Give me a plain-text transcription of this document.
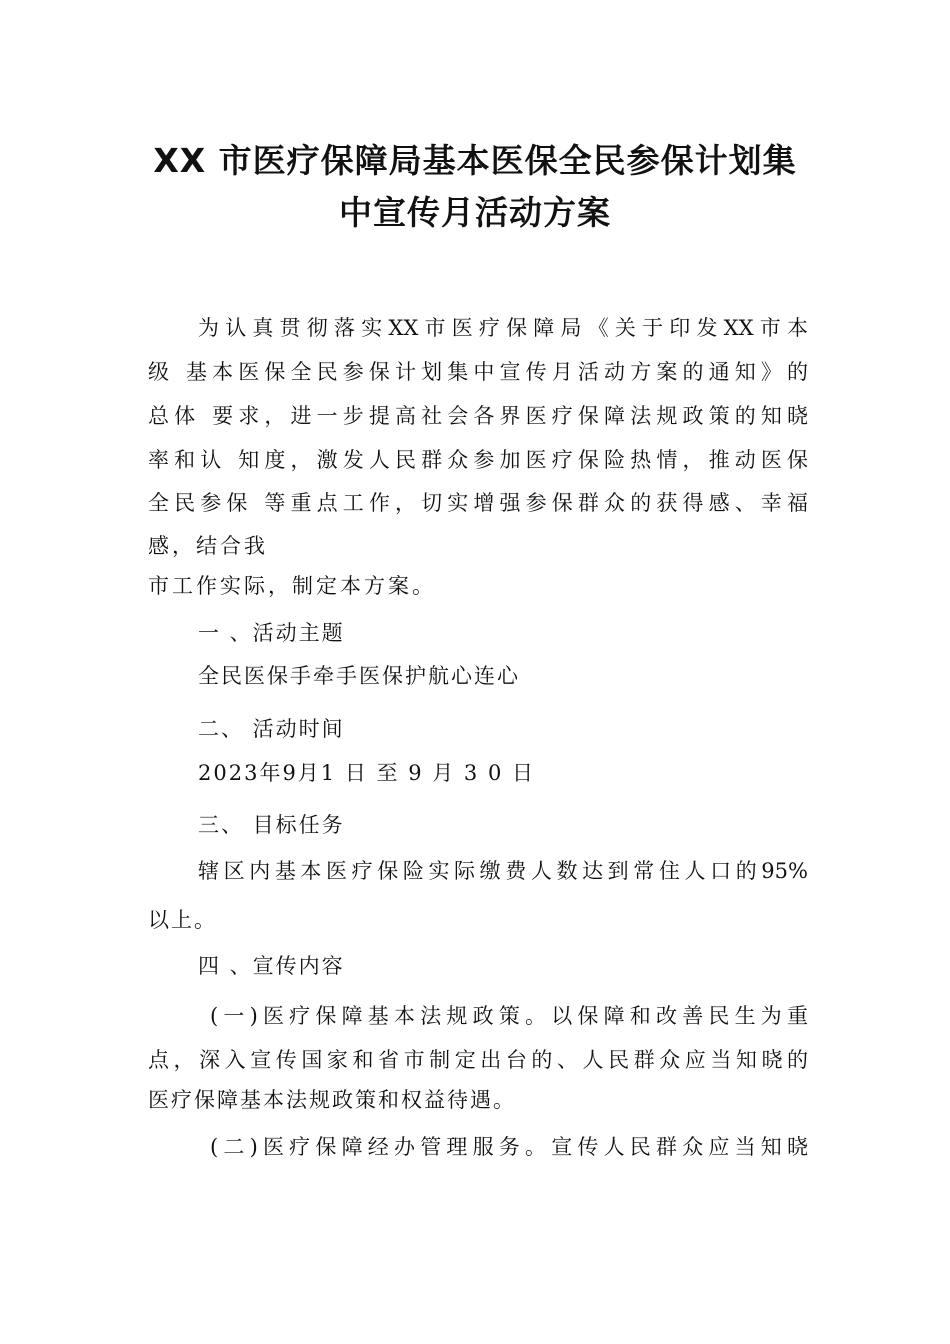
XX 市医疗保障局基本医保全民参保计划集
中宣传月活动方案
为认真贯彻落实XX市医疗保障局《关于印发XX市本
级 基本医保全民参保计划集中宣传月活动方案的通知》的
总体 要求，进一步提高社会各界医疗保障法规政策的知晓
率和认 知度，激发人民群众参加医疗保险热情，推动医保
全民参保 等重点工作，切实增强参保群众的获得感、幸福
感，结合我
市工作实际，制定本方案。
一 、活动主题
全民医保手牵手医保护航心连心
二、 活动时间
2023年9月1 日 至 9 月 3 0 日
三、 目标任务
辖区内基本医疗保险实际缴费人数达到常住人口的95%
以上。
四 、宣传内容
(一)医疗保障基本法规政策。以保障和改善民生为重
点，深入宣传国家和省市制定出台的、人民群众应当知晓的
医疗保障基本法规政策和权益待遇。
(二)医疗保障经办管理服务。宣传人民群众应当知晓
